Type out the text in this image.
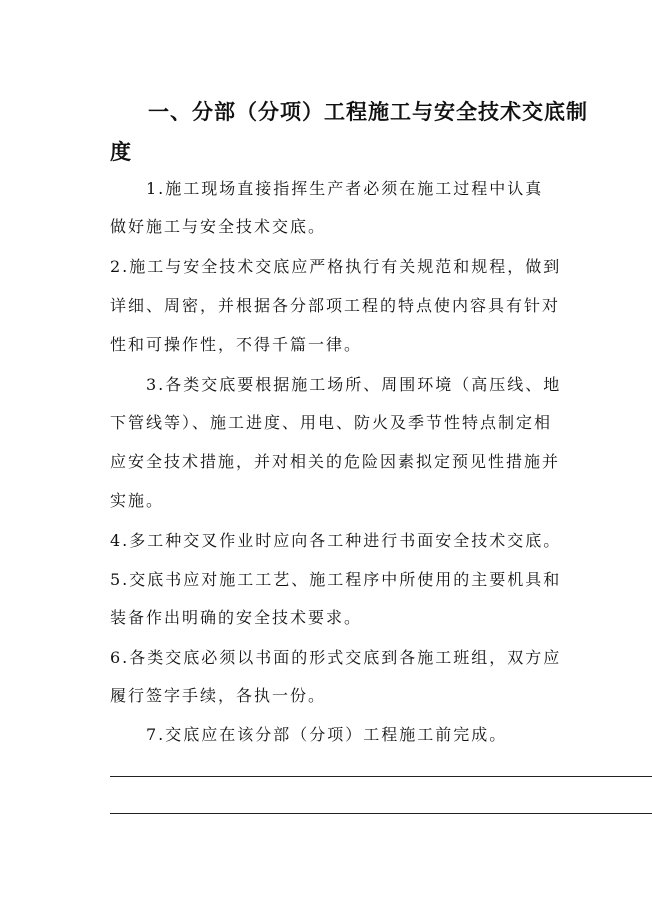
一、分部（分项）工程施工与安全技术交底制
度
1.施工现场直接指挥生产者必须在施工过程中认真
做好施工与安全技术交底。
2.施工与安全技术交底应严格执行有关规范和规程，做到
详细、周密，并根据各分部项工程的特点使内容具有针对
性和可操作性，不得千篇一律。
3.各类交底要根据施工场所、周围环境（高压线、地
下管线等）、施工进度、用电、防火及季节性特点制定相
应安全技术措施，并对相关的危险因素拟定预见性措施并
实施。
4.多工种交叉作业时应向各工种进行书面安全技术交底。
5.交底书应对施工工艺、施工程序中所使用的主要机具和
装备作出明确的安全技术要求。
6.各类交底必须以书面的形式交底到各施工班组，双方应
履行签字手续，各执一份。
7.交底应在该分部（分项）工程施工前完成。
